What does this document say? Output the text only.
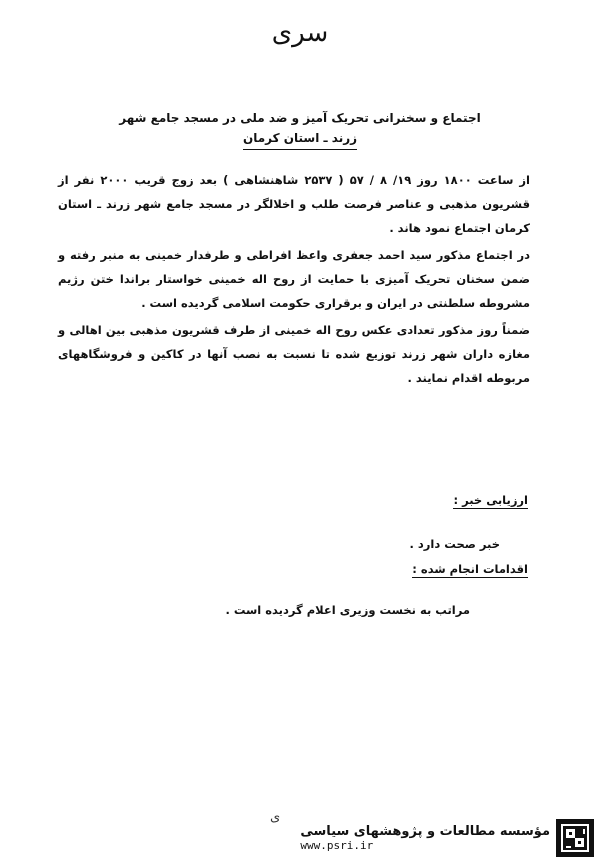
سری
اجتماع و سخنرانی تحریک آمیز و ضد ملی در مسجد جامع شهر
زرند ـ استان کرمان

از ساعت ۱۸۰۰ روز ۱۹/ ۸ / ۵۷ ( ۲۵۳۷ شاهنشاهی ) بعد زوج قریب ۲۰۰۰ نفر از قشریون مذهبی و عناصر فرصت طلب و اخلالگر در مسجد جامع شهر زرند ـ استان کرمان اجتماع نمود هاند .

در اجتماع مذکور سید احمد جعفری واعظ افراطی و طرفدار خمینی به منبر رفته و ضمن سخنان تحریک آمیزی با حمایت از روح اله خمینی خواستار براندا ختن رژیم مشروطه سلطنتی در ایران و برقراری حکومت اسلامی گردیده است .

ضمناً روز مذکور تعدادی عکس روح اله خمینی از طرف قشریون مذهبی بین اهالی و مغازه داران شهر زرند توزیع شده تا نسبت به نصب آنها در کاکین و فروشگاههای مربوطه اقدام نمایند .

ارزیابی خبر :
خبر صحت دارد .
اقدامات انجام شده :
مراتب به نخست وزیری اعلام گردیده است .
ی
مؤسسه مطالعات و پژوهشهای سیاسی
www.psri.ir
